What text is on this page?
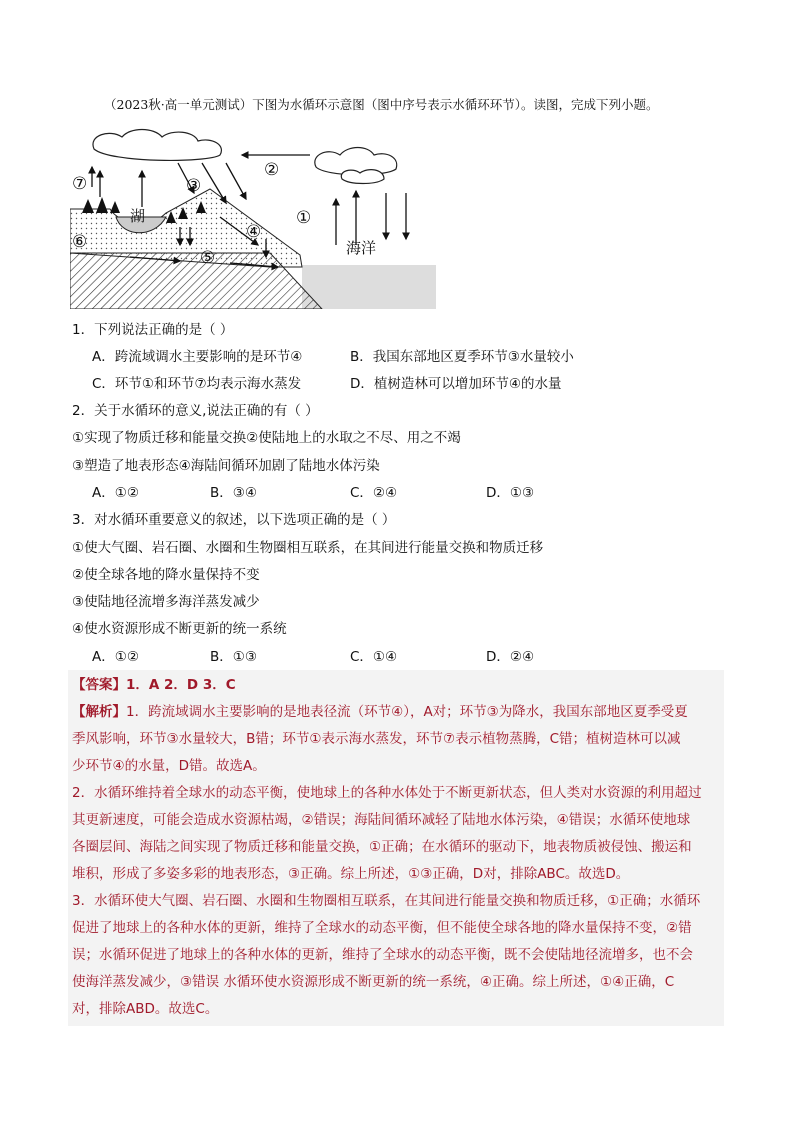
（2023秋·高一单元测试）下图为水循环示意图（图中序号表示水循环环节）。读图，完成下列小题。
湖
海洋
①
②
③
④
⑤
⑥
⑦
1．下列说法正确的是（ ）
A．跨流域调水主要影响的是环节④	B．我国东部地区夏季环节③水量较小
C．环节①和环节⑦均表示海水蒸发	D．植树造林可以增加环节④的水量
2．关于水循环的意义,说法正确的有（ ）
①实现了物质迁移和能量交换②使陆地上的水取之不尽、用之不竭
③塑造了地表形态④海陆间循环加剧了陆地水体污染
A．①②	B．③④	C．②④	D．①③
3．对水循环重要意义的叙述，以下选项正确的是（ ）
①使大气圈、岩石圈、水圈和生物圈相互联系，在其间进行能量交换和物质迁移
②使全球各地的降水量保持不变
③使陆地径流增多海洋蒸发减少
④使水资源形成不断更新的统一系统
A．①②	B．①③	C．①④	D．②④
【答案】1．A 2．D 3．C
【解析】1．跨流域调水主要影响的是地表径流（环节④），A对；环节③为降水，我国东部地区夏季受夏
季风影响，环节③水量较大，B错；环节①表示海水蒸发，环节⑦表示植物蒸腾，C错；植树造林可以减
少环节④的水量，D错。故选A。
2．水循环维持着全球水的动态平衡，使地球上的各种水体处于不断更新状态，但人类对水资源的利用超过
其更新速度，可能会造成水资源枯竭，②错误；海陆间循环减轻了陆地水体污染，④错误；水循环使地球
各圈层间、海陆之间实现了物质迁移和能量交换，①正确；在水循环的驱动下，地表物质被侵蚀、搬运和
堆积，形成了多姿多彩的地表形态，③正确。综上所述，①③正确，D对，排除ABC。故选D。
3．水循环使大气圈、岩石圈、水圈和生物圈相互联系，在其间进行能量交换和物质迁移，①正确；水循环
促进了地球上的各种水体的更新，维持了全球水的动态平衡，但不能使全球各地的降水量保持不变，②错
误；水循环促进了地球上的各种水体的更新，维持了全球水的动态平衡，既不会使陆地径流增多，也不会
使海洋蒸发减少，③错误 水循环使水资源形成不断更新的统一系统，④正确。综上所述，①④正确，C
对，排除ABD。故选C。
